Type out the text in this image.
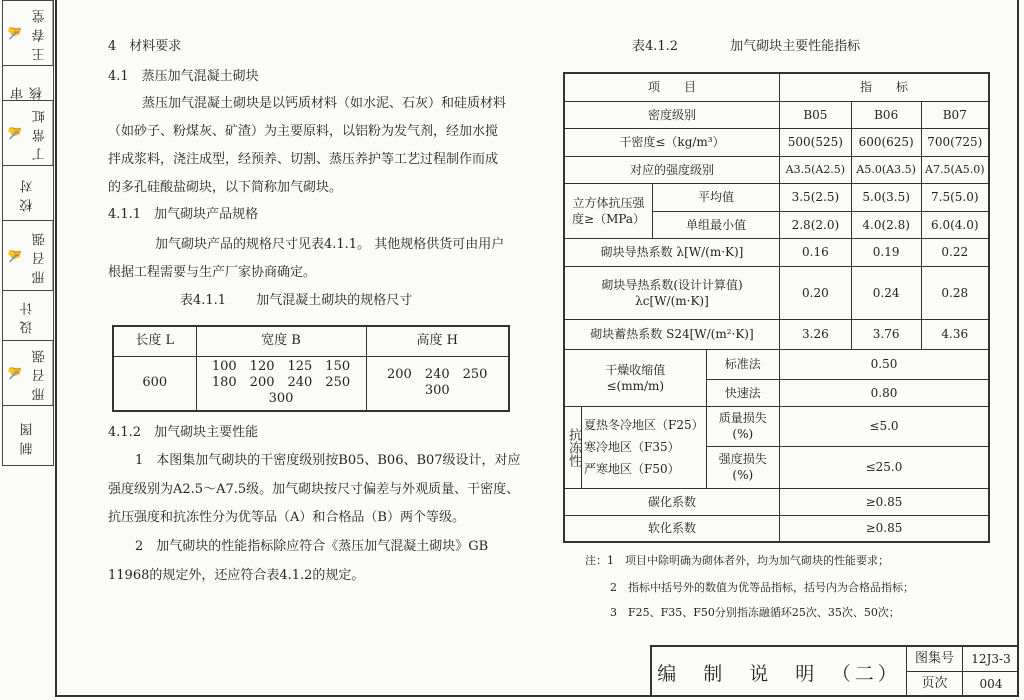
✍ 王春堂
审核
✍ 丁常虹
校对
✍ 邢召强
设计
✍ 邢召强
制图
4　材料要求
4.1　蒸压加气混凝土砌块
蒸压加气混凝土砌块是以钙质材料（如水泥、石灰）和硅质材料
（如砂子、粉煤灰、矿渣）为主要原料，以铝粉为发气剂，经加水搅
拌成浆料，浇注成型，经预养、切割、蒸压养护等工艺过程制作而成
的多孔硅酸盐砌块，以下简称加气砌块。
4.1.1　加气砌块产品规格
加气砌块产品的规格尺寸见表4.1.1。 其他规格供货可由用户
根据工程需要与生产厂家协商确定。
表4.1.1　　 加气混凝土砌块的规格尺寸
长度 L	宽度 B	高度 H
600	100　120　125　150
180　200　240　250　300	200　240　250　300
4.1.2　加气砌块主要性能
1　本图集加气砌块的干密度级别按B05、B06、B07级设计，对应
强度级别为A2.5～A7.5级。加气砌块按尺寸偏差与外观质量、干密度、
抗压强度和抗冻性分为优等品（A）和合格品（B）两个等级。
2　加气砌块的性能指标除应符合《蒸压加气混凝土砌块》GB
11968的规定外，还应符合表4.1.2的规定。
表4.1.2　　　　加气砌块主要性能指标
项　　目				指　　标		
密度级别				B05	B06	B07
干密度≤（kg/m³）				500(525)	600(625)	700(725)
对应的强度级别				A3.5(A2.5)	A5.0(A3.5)	A7.5(A5.0)
立方体抗压强度≥（MPa）		平均值		3.5(2.5)	5.0(3.5)	7.5(5.0)
		单组最小值		2.8(2.0)	4.0(2.8)	6.0(4.0)
砌块导热系数 λ[W/(m·K)]				0.16	0.19	0.22

砌块导热系数(设计计算值)
λc[W/(m·K)]				0.20	0.24	0.28
砌块蓄热系数 S24[W/(m²·K)]				3.26	3.76	4.36

干燥收缩值
≤(mm/m)			标准法	0.50		
			快速法	0.80		
抗冻性	夏热冬冷地区（F25）
寒冷地区（F35）
严寒地区（F50）		质量损失(%)	≤5.0		
			强度损失(%)	≤25.0		
碳化系数				≥0.85		
软化系数				≥0.85		
注：1　项目中除明确为砌体者外，均为加气砌块的性能要求；
2　指标中括号外的数值为优等品指标，括号内为合格品指标；
3　F25、F35、F50分别指冻融循环25次、35次、50次；
编　制　说　明　（二）
图集号	12J3-3
页次	004
